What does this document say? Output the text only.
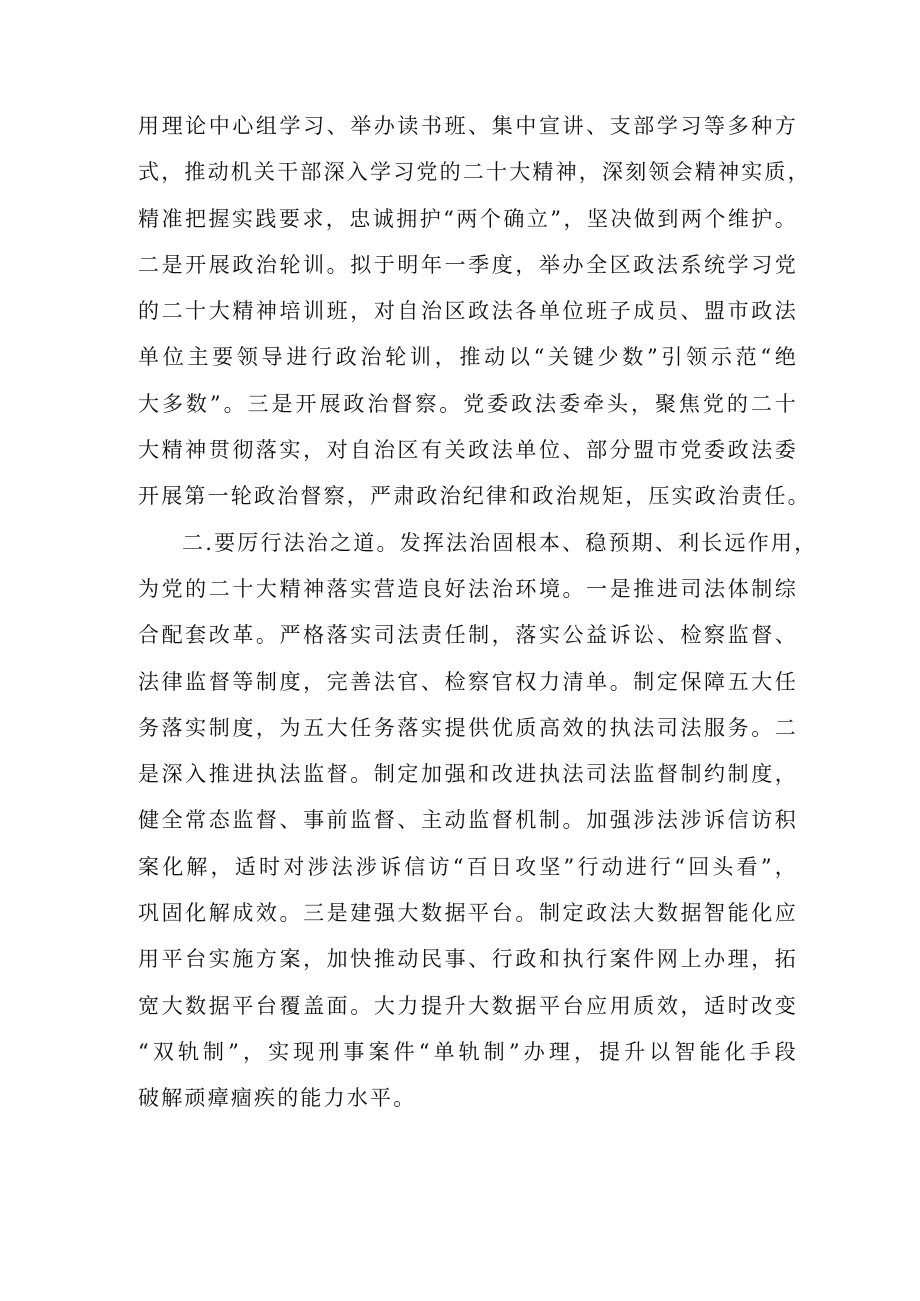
用理论中心组学习、举办读书班、集中宣讲、支部学习等多种方
式，推动机关干部深入学习党的二十大精神，深刻领会精神实质，
精准把握实践要求，忠诚拥护“两个确立”，坚决做到两个维护。
二是开展政治轮训。拟于明年一季度，举办全区政法系统学习党
的二十大精神培训班，对自治区政法各单位班子成员、盟市政法
单位主要领导进行政治轮训，推动以“关键少数”引领示范“绝
大多数”。三是开展政治督察。党委政法委牵头，聚焦党的二十
大精神贯彻落实，对自治区有关政法单位、部分盟市党委政法委
开展第一轮政治督察，严肃政治纪律和政治规矩，压实政治责任。
二.要厉行法治之道。发挥法治固根本、稳预期、利长远作用，
为党的二十大精神落实营造良好法治环境。一是推进司法体制综
合配套改革。严格落实司法责任制，落实公益诉讼、检察监督、
法律监督等制度，完善法官、检察官权力清单。制定保障五大任
务落实制度，为五大任务落实提供优质高效的执法司法服务。二
是深入推进执法监督。制定加强和改进执法司法监督制约制度，
健全常态监督、事前监督、主动监督机制。加强涉法涉诉信访积
案化解，适时对涉法涉诉信访“百日攻坚”行动进行“回头看”，
巩固化解成效。三是建强大数据平台。制定政法大数据智能化应
用平台实施方案，加快推动民事、行政和执行案件网上办理，拓
宽大数据平台覆盖面。大力提升大数据平台应用质效，适时改变
“双轨制”，实现刑事案件“单轨制”办理，提升以智能化手段
破解顽瘴痼疾的能力水平。
